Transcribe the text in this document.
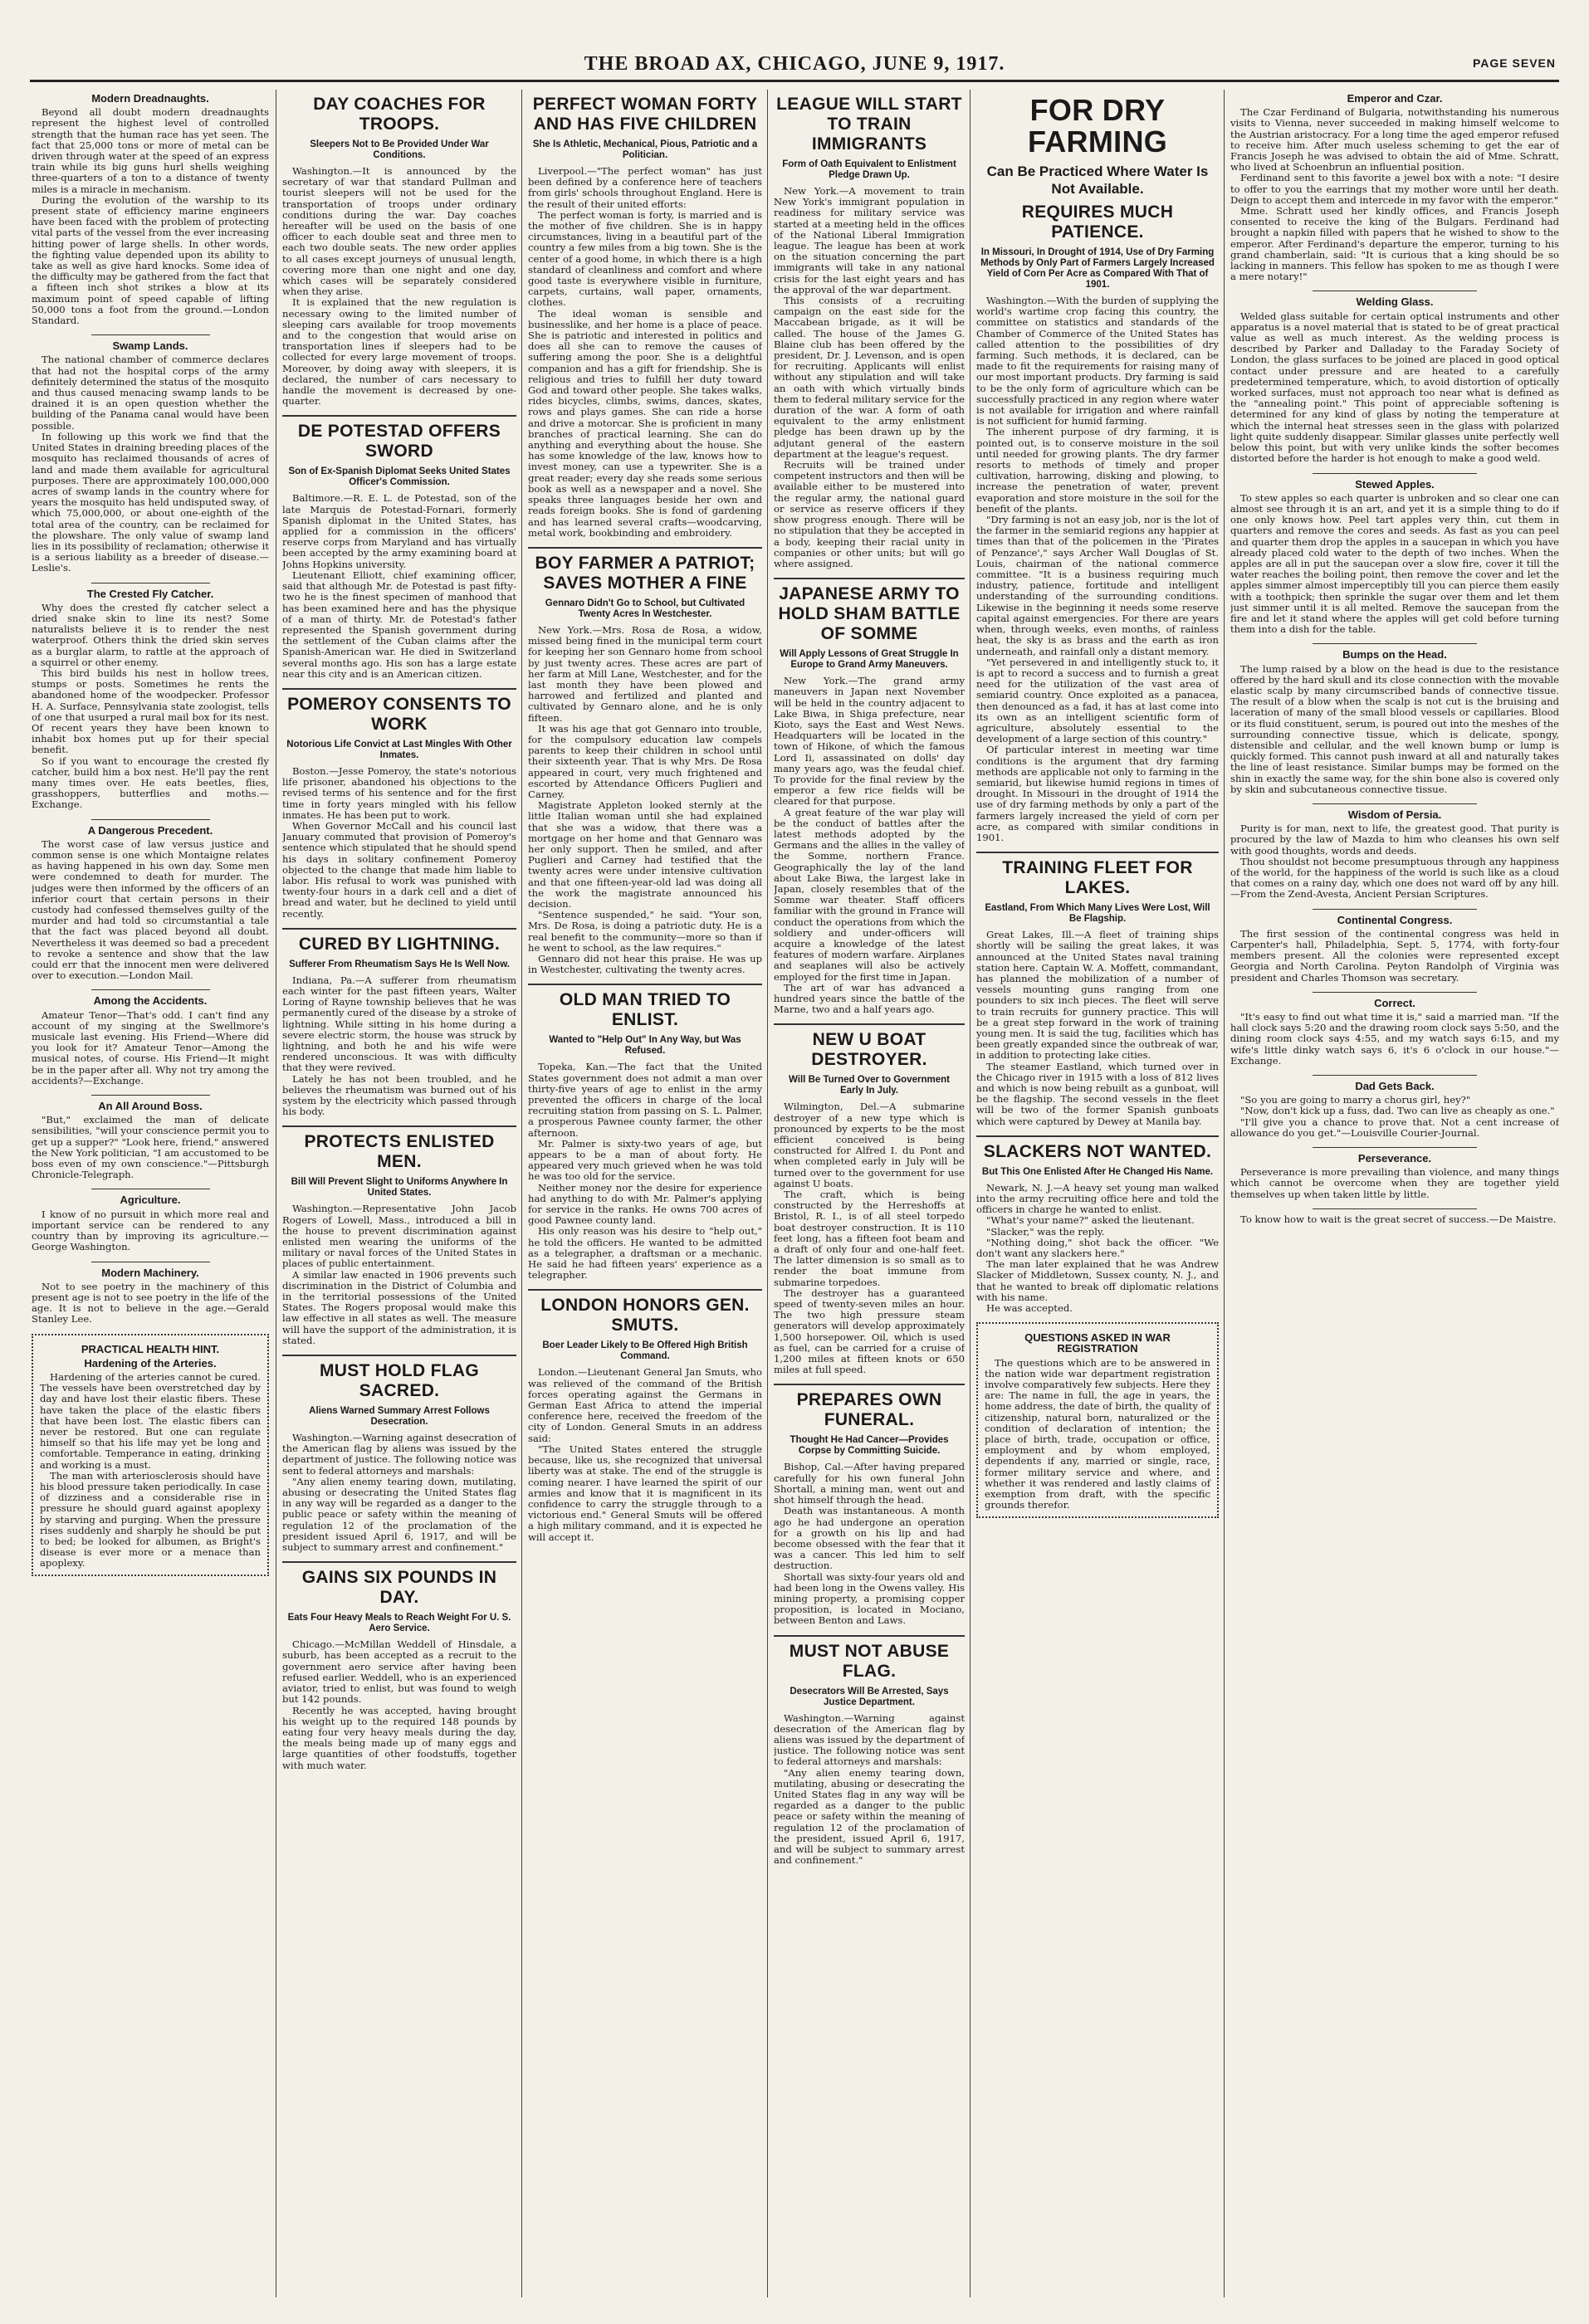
THE BROAD AX, CHICAGO, JUNE 9, 1917.	PAGE SEVEN
Modern Dreadnaughts.

Beyond all doubt modern dreadnaughts represent the highest level of controlled strength that the human race has yet seen. The fact that 25,000 tons or more of metal can be driven through water at the speed of an express train while its big guns hurl shells weighing three-quarters of a ton to a distance of twenty miles is a miracle in mechanism.

During the evolution of the warship to its present state of efficiency marine engineers have been faced with the problem of protecting vital parts of the vessel from the ever increasing hitting power of large shells. In other words, the fighting value depended upon its ability to take as well as give hard knocks. Some idea of the difficulty may be gathered from the fact that a fifteen inch shot strikes a blow at its maximum point of speed capable of lifting 50,000 tons a foot from the ground.—London Standard.

Swamp Lands.

The national chamber of commerce declares that had not the hospital corps of the army definitely determined the status of the mosquito and thus caused menacing swamp lands to be drained it is an open question whether the building of the Panama canal would have been possible.

In following up this work we find that the United States in draining breeding places of the mosquito has reclaimed thousands of acres of land and made them available for agricultural purposes. There are approximately 100,000,000 acres of swamp lands in the country where for years the mosquito has held undisputed sway, of which 75,000,000, or about one-eighth of the total area of the country, can be reclaimed for the plowshare. The only value of swamp land lies in its possibility of reclamation; otherwise it is a serious liability as a breeder of disease.—Leslie's.

The Crested Fly Catcher.

Why does the crested fly catcher select a dried snake skin to line its nest? Some naturalists believe it is to render the nest waterproof. Others think the dried skin serves as a burglar alarm, to rattle at the approach of a squirrel or other enemy.

This bird builds his nest in hollow trees, stumps or posts. Sometimes he rents the abandoned home of the woodpecker. Professor H. A. Surface, Pennsylvania state zoologist, tells of one that usurped a rural mail box for its nest. Of recent years they have been known to inhabit box homes put up for their special benefit.

So if you want to encourage the crested fly catcher, build him a box nest. He'll pay the rent many times over. He eats beetles, flies, grasshoppers, butterflies and moths.—Exchange.

A Dangerous Precedent.

The worst case of law versus justice and common sense is one which Montaigne relates as having happened in his own day. Some men were condemned to death for murder. The judges were then informed by the officers of an inferior court that certain persons in their custody had confessed themselves guilty of the murder and had told so circumstantial a tale that the fact was placed beyond all doubt. Nevertheless it was deemed so bad a precedent to revoke a sentence and show that the law could err that the innocent men were delivered over to execution.—London Mail.

Among the Accidents.

Amateur Tenor—That's odd. I can't find any account of my singing at the Swellmore's musicale last evening. His Friend—Where did you look for it? Amateur Tenor—Among the musical notes, of course. His Friend—It might be in the paper after all. Why not try among the accidents?—Exchange.

An All Around Boss.

"But," exclaimed the man of delicate sensibilities, "will your conscience permit you to get up a supper?" "Look here, friend," answered the New York politician, "I am accustomed to be boss even of my own conscience."—Pittsburgh Chronicle-Telegraph.

Agriculture.

I know of no pursuit in which more real and important service can be rendered to any country than by improving its agriculture.—George Washington.

Modern Machinery.

Not to see poetry in the machinery of this present age is not to see poetry in the life of the age. It is not to believe in the age.—Gerald Stanley Lee.

PRACTICAL HEALTH HINT.
Hardening of the Arteries.

Hardening of the arteries cannot be cured. The vessels have been overstretched day by day and have lost their elastic fibers. These have taken the place of the elastic fibers that have been lost. The elastic fibers can never be restored. But one can regulate himself so that his life may yet be long and comfortable. Temperance in eating, drinking and working is a must.

The man with arteriosclerosis should have his blood pressure taken periodically. In case of dizziness and a considerable rise in pressure he should guard against apoplexy by starving and purging. When the pressure rises suddenly and sharply he should be put to bed; be looked for albumen, as Bright's disease is ever more or a menace than apoplexy.

DAY COACHES FOR TROOPS.
Sleepers Not to Be Provided Under War Conditions.

Washington.—It is announced by the secretary of war that standard Pullman and tourist sleepers will not be used for the transportation of troops under ordinary conditions during the war. Day coaches hereafter will be used on the basis of one officer to each double seat and three men to each two double seats. The new order applies to all cases except journeys of unusual length, covering more than one night and one day, which cases will be separately considered when they arise.

It is explained that the new regulation is necessary owing to the limited number of sleeping cars available for troop movements and to the congestion that would arise on transportation lines if sleepers had to be collected for every large movement of troops. Moreover, by doing away with sleepers, it is declared, the number of cars necessary to handle the movement is decreased by one-quarter.

DE POTESTAD OFFERS SWORD
Son of Ex-Spanish Diplomat Seeks United States Officer's Commission.

Baltimore.—R. E. L. de Potestad, son of the late Marquis de Potestad-Fornari, formerly Spanish diplomat in the United States, has applied for a commission in the officers' reserve corps from Maryland and has virtually been accepted by the army examining board at Johns Hopkins university.

Lieutenant Elliott, chief examining officer, said that although Mr. de Potestad is past fifty-two he is the finest specimen of manhood that has been examined here and has the physique of a man of thirty. Mr. de Potestad's father represented the Spanish government during the settlement of the Cuban claims after the Spanish-American war. He died in Switzerland several months ago. His son has a large estate near this city and is an American citizen.

POMEROY CONSENTS TO WORK
Notorious Life Convict at Last Mingles With Other Inmates.

Boston.—Jesse Pomeroy, the state's notorious life prisoner, abandoned his objections to the revised terms of his sentence and for the first time in forty years mingled with his fellow inmates. He has been put to work.

When Governor McCall and his council last January commuted that provision of Pomeroy's sentence which stipulated that he should spend his days in solitary confinement Pomeroy objected to the change that made him liable to labor. His refusal to work was punished with twenty-four hours in a dark cell and a diet of bread and water, but he declined to yield until recently.

CURED BY LIGHTNING.
Sufferer From Rheumatism Says He Is Well Now.

Indiana, Pa.—A sufferer from rheumatism each winter for the past fifteen years, Walter Loring of Rayne township believes that he was permanently cured of the disease by a stroke of lightning. While sitting in his home during a severe electric storm, the house was struck by lightning, and both he and his wife were rendered unconscious. It was with difficulty that they were revived.

Lately he has not been troubled, and he believes the rheumatism was burned out of his system by the electricity which passed through his body.

PROTECTS ENLISTED MEN.
Bill Will Prevent Slight to Uniforms Anywhere In United States.

Washington.—Representative John Jacob Rogers of Lowell, Mass., introduced a bill in the house to prevent discrimination against enlisted men wearing the uniforms of the military or naval forces of the United States in places of public entertainment.

A similar law enacted in 1906 prevents such discrimination in the District of Columbia and in the territorial possessions of the United States. The Rogers proposal would make this law effective in all states as well. The measure will have the support of the administration, it is stated.

MUST HOLD FLAG SACRED.
Aliens Warned Summary Arrest Follows Desecration.

Washington.—Warning against desecration of the American flag by aliens was issued by the department of justice. The following notice was sent to federal attorneys and marshals:

"Any alien enemy tearing down, mutilating, abusing or desecrating the United States flag in any way will be regarded as a danger to the public peace or safety within the meaning of regulation 12 of the proclamation of the president issued April 6, 1917, and will be subject to summary arrest and confinement."

GAINS SIX POUNDS IN DAY.
Eats Four Heavy Meals to Reach Weight For U. S. Aero Service.

Chicago.—McMillan Weddell of Hinsdale, a suburb, has been accepted as a recruit to the government aero service after having been refused earlier. Weddell, who is an experienced aviator, tried to enlist, but was found to weigh but 142 pounds.

Recently he was accepted, having brought his weight up to the required 148 pounds by eating four very heavy meals during the day, the meals being made up of many eggs and large quantities of other foodstuffs, together with much water.

PERFECT WOMAN FORTY AND HAS FIVE CHILDREN
She Is Athletic, Mechanical, Pious, Patriotic and a Politician.

Liverpool.—"The perfect woman" has just been defined by a conference here of teachers from girls' schools throughout England. Here is the result of their united efforts:

The perfect woman is forty, is married and is the mother of five children. She is in happy circumstances, living in a beautiful part of the country a few miles from a big town. She is the center of a good home, in which there is a high standard of cleanliness and comfort and where good taste is everywhere visible in furniture, carpets, curtains, wall paper, ornaments, clothes.

The ideal woman is sensible and businesslike, and her home is a place of peace. She is patriotic and interested in politics and does all she can to remove the causes of suffering among the poor. She is a delightful companion and has a gift for friendship. She is religious and tries to fulfill her duty toward God and toward other people. She takes walks, rides bicycles, climbs, swims, dances, skates, rows and plays games. She can ride a horse and drive a motorcar. She is proficient in many branches of practical learning. She can do anything and everything about the house. She has some knowledge of the law, knows how to invest money, can use a typewriter. She is a great reader; every day she reads some serious book as well as a newspaper and a novel. She speaks three languages beside her own and reads foreign books. She is fond of gardening and has learned several crafts—woodcarving, metal work, bookbinding and embroidery.

BOY FARMER A PATRIOT; SAVES MOTHER A FINE
Gennaro Didn't Go to School, but Cultivated Twenty Acres In Westchester.

New York.—Mrs. Rosa de Rosa, a widow, missed being fined in the municipal term court for keeping her son Gennaro home from school by just twenty acres. These acres are part of her farm at Mill Lane, Westchester, and for the last month they have been plowed and harrowed and fertilized and planted and cultivated by Gennaro alone, and he is only fifteen.

It was his age that got Gennaro into trouble, for the compulsory education law compels parents to keep their children in school until their sixteenth year. That is why Mrs. De Rosa appeared in court, very much frightened and escorted by Attendance Officers Puglieri and Carney.

Magistrate Appleton looked sternly at the little Italian woman until she had explained that she was a widow, that there was a mortgage on her home and that Gennaro was her only support. Then he smiled, and after Puglieri and Carney had testified that the twenty acres were under intensive cultivation and that one fifteen-year-old lad was doing all the work the magistrate announced his decision.

"Sentence suspended," he said. "Your son, Mrs. De Rosa, is doing a patriotic duty. He is a real benefit to the community—more so than if he went to school, as the law requires."

Gennaro did not hear this praise. He was up in Westchester, cultivating the twenty acres.

OLD MAN TRIED TO ENLIST.
Wanted to "Help Out" In Any Way, but Was Refused.

Topeka, Kan.—The fact that the United States government does not admit a man over thirty-five years of age to enlist in the army prevented the officers in charge of the local recruiting station from passing on S. L. Palmer, a prosperous Pawnee county farmer, the other afternoon.

Mr. Palmer is sixty-two years of age, but appears to be a man of about forty. He appeared very much grieved when he was told he was too old for the service.

Neither money nor the desire for experience had anything to do with Mr. Palmer's applying for service in the ranks. He owns 700 acres of good Pawnee county land.

His only reason was his desire to "help out," he told the officers. He wanted to be admitted as a telegrapher, a draftsman or a mechanic. He said he had fifteen years' experience as a telegrapher.

LONDON HONORS GEN. SMUTS.
Boer Leader Likely to Be Offered High British Command.

London.—Lieutenant General Jan Smuts, who was relieved of the command of the British forces operating against the Germans in German East Africa to attend the imperial conference here, received the freedom of the city of London. General Smuts in an address said:

"The United States entered the struggle because, like us, she recognized that universal liberty was at stake. The end of the struggle is coming nearer. I have learned the spirit of our armies and know that it is magnificent in its confidence to carry the struggle through to a victorious end." General Smuts will be offered a high military command, and it is expected he will accept it.

LEAGUE WILL START TO TRAIN IMMIGRANTS
Form of Oath Equivalent to Enlistment Pledge Drawn Up.

New York.—A movement to train New York's immigrant population in readiness for military service was started at a meeting held in the offices of the National Liberal Immigration league. The league has been at work on the situation concerning the part immigrants will take in any national crisis for the last eight years and has the approval of the war department.

This consists of a recruiting campaign on the east side for the Maccabean brigade, as it will be called. The house of the James G. Blaine club has been offered by the president, Dr. J. Levenson, and is open for recruiting. Applicants will enlist without any stipulation and will take an oath with which virtually binds them to federal military service for the duration of the war. A form of oath equivalent to the army enlistment pledge has been drawn up by the adjutant general of the eastern department at the league's request.

Recruits will be trained under competent instructors and then will be available either to be mustered into the regular army, the national guard or service as reserve officers if they show progress enough. There will be no stipulation that they be accepted in a body, keeping their racial unity in companies or other units; but will go where assigned.

JAPANESE ARMY TO HOLD SHAM BATTLE OF SOMME
Will Apply Lessons of Great Struggle In Europe to Grand Army Maneuvers.

New York.—The grand army maneuvers in Japan next November will be held in the country adjacent to Lake Biwa, in Shiga prefecture, near Kioto, says the East and West News. Headquarters will be located in the town of Hikone, of which the famous Lord Ii, assassinated on dolls' day many years ago, was the feudal chief. To provide for the final review by the emperor a few rice fields will be cleared for that purpose.

A great feature of the war play will be the conduct of battles after the latest methods adopted by the Germans and the allies in the valley of the Somme, northern France. Geographically the lay of the land about Lake Biwa, the largest lake in Japan, closely resembles that of the Somme war theater. Staff officers familiar with the ground in France will conduct the operations from which the soldiery and under-officers will acquire a knowledge of the latest features of modern warfare. Airplanes and seaplanes will also be actively employed for the first time in Japan.

The art of war has advanced a hundred years since the battle of the Marne, two and a half years ago.

NEW U BOAT DESTROYER.
Will Be Turned Over to Government Early In July.

Wilmington, Del.—A submarine destroyer of a new type which is pronounced by experts to be the most efficient conceived is being constructed for Alfred I. du Pont and when completed early in July will be turned over to the government for use against U boats.

The craft, which is being constructed by the Herreshoffs at Bristol, R. I., is of all steel torpedo boat destroyer construction. It is 110 feet long, has a fifteen foot beam and a draft of only four and one-half feet. The latter dimension is so small as to render the boat immune from submarine torpedoes.

The destroyer has a guaranteed speed of twenty-seven miles an hour. The two high pressure steam generators will develop approximately 1,500 horsepower. Oil, which is used as fuel, can be carried for a cruise of 1,200 miles at fifteen knots or 650 miles at full speed.

PREPARES OWN FUNERAL.
Thought He Had Cancer—Provides Corpse by Committing Suicide.

Bishop, Cal.—After having prepared carefully for his own funeral John Shortall, a mining man, went out and shot himself through the head.

Death was instantaneous. A month ago he had undergone an operation for a growth on his lip and had become obsessed with the fear that it was a cancer. This led him to self destruction.

Shortall was sixty-four years old and had been long in the Owens valley. His mining property, a promising copper proposition, is located in Mociano, between Benton and Laws.

MUST NOT ABUSE FLAG.
Desecrators Will Be Arrested, Says Justice Department.

Washington.—Warning against desecration of the American flag by aliens was issued by the department of justice. The following notice was sent to federal attorneys and marshals:

"Any alien enemy tearing down, mutilating, abusing or desecrating the United States flag in any way will be regarded as a danger to the public peace or safety within the meaning of regulation 12 of the proclamation of the president, issued April 6, 1917, and will be subject to summary arrest and confinement."

FOR DRY FARMING
Can Be Practiced Where Water Is Not Available.
REQUIRES MUCH PATIENCE.
In Missouri, In Drought of 1914, Use of Dry Farming Methods by Only Part of Farmers Largely Increased Yield of Corn Per Acre as Compared With That of 1901.

Washington.—With the burden of supplying the world's wartime crop facing this country, the committee on statistics and standards of the Chamber of Commerce of the United States has called attention to the possibilities of dry farming. Such methods, it is declared, can be made to fit the requirements for raising many of our most important products. Dry farming is said to be the only form of agriculture which can be successfully practiced in any region where water is not available for irrigation and where rainfall is not sufficient for humid farming.

The inherent purpose of dry farming, it is pointed out, is to conserve moisture in the soil until needed for growing plants. The dry farmer resorts to methods of timely and proper cultivation, harrowing, disking and plowing, to increase the penetration of water, prevent evaporation and store moisture in the soil for the benefit of the plants.

"Dry farming is not an easy job, nor is the lot of the farmer in the semiarid regions any happier at times than that of the policemen in the 'Pirates of Penzance'," says Archer Wall Douglas of St. Louis, chairman of the national commerce committee. "It is a business requiring much industry, patience, fortitude and intelligent understanding of the surrounding conditions. Likewise in the beginning it needs some reserve capital against emergencies. For there are years when, through weeks, even months, of rainless heat, the sky is as brass and the earth as iron underneath, and rainfall only a distant memory.

"Yet persevered in and intelligently stuck to, it is apt to record a success and to furnish a great need for the utilization of the vast area of semiarid country. Once exploited as a panacea, then denounced as a fad, it has at last come into its own as an intelligent scientific form of agriculture, absolutely essential to the development of a large section of this country."

Of particular interest in meeting war time conditions is the argument that dry farming methods are applicable not only to farming in the semiarid, but likewise humid regions in times of drought. In Missouri in the drought of 1914 the use of dry farming methods by only a part of the farmers largely increased the yield of corn per acre, as compared with similar conditions in 1901.

TRAINING FLEET FOR LAKES.
Eastland, From Which Many Lives Were Lost, Will Be Flagship.

Great Lakes, Ill.—A fleet of training ships shortly will be sailing the great lakes, it was announced at the United States naval training station here. Captain W. A. Moffett, commandant, has planned the mobilization of a number of vessels mounting guns ranging from one pounders to six inch pieces. The fleet will serve to train recruits for gunnery practice. This will be a great step forward in the work of training young men. It is said the tug, facilities which has been greatly expanded since the outbreak of war, in addition to protecting lake cities.

The steamer Eastland, which turned over in the Chicago river in 1915 with a loss of 812 lives and which is now being rebuilt as a gunboat, will be the flagship. The second vessels in the fleet will be two of the former Spanish gunboats which were captured by Dewey at Manila bay.

SLACKERS NOT WANTED.
But This One Enlisted After He Changed His Name.

Newark, N. J.—A heavy set young man walked into the army recruiting office here and told the officers in charge he wanted to enlist.

"What's your name?" asked the lieutenant.

"Slacker," was the reply.

"Nothing doing," shot back the officer. "We don't want any slackers here."

The man later explained that he was Andrew Slacker of Middletown, Sussex county, N. J., and that he wanted to break off diplomatic relations with his name.

He was accepted.

QUESTIONS ASKED IN WAR REGISTRATION

The questions which are to be answered in the nation wide war department registration involve comparatively few subjects. Here they are: The name in full, the age in years, the home address, the date of birth, the quality of citizenship, natural born, naturalized or the condition of declaration of intention; the place of birth, trade, occupation or office, employment and by whom employed, dependents if any, married or single, race, former military service and where, and whether it was rendered and lastly claims of exemption from draft, with the specific grounds therefor.

Emperor and Czar.

The Czar Ferdinand of Bulgaria, notwithstanding his numerous visits to Vienna, never succeeded in making himself welcome to the Austrian aristocracy. For a long time the aged emperor refused to receive him. After much useless scheming to get the ear of Francis Joseph he was advised to obtain the aid of Mme. Schratt, who lived at Schoenbrun an influential position.

Ferdinand sent to this favorite a jewel box with a note: "I desire to offer to you the earrings that my mother wore until her death. Deign to accept them and intercede in my favor with the emperor."

Mme. Schratt used her kindly offices, and Francis Joseph consented to receive the king of the Bulgars. Ferdinand had brought a napkin filled with papers that he wished to show to the emperor. After Ferdinand's departure the emperor, turning to his grand chamberlain, said: "It is curious that a king should be so lacking in manners. This fellow has spoken to me as though I were a mere notary!"

Welding Glass.

Welded glass suitable for certain optical instruments and other apparatus is a novel material that is stated to be of great practical value as well as much interest. As the welding process is described by Parker and Dalladay to the Faraday Society of London, the glass surfaces to be joined are placed in good optical contact under pressure and are heated to a carefully predetermined temperature, which, to avoid distortion of optically worked surfaces, must not approach too near what is defined as the "annealing point." This point of appreciable softening is determined for any kind of glass by noting the temperature at which the internal heat stresses seen in the glass with polarized light quite suddenly disappear. Similar glasses unite perfectly well below this point, but with very unlike kinds the softer becomes distorted before the harder is hot enough to make a good weld.

Stewed Apples.

To stew apples so each quarter is unbroken and so clear one can almost see through it is an art, and yet it is a simple thing to do if one only knows how. Peel tart apples very thin, cut them in quarters and remove the cores and seeds. As fast as you can peel and quarter them drop the apples in a saucepan in which you have already placed cold water to the depth of two inches. When the apples are all in put the saucepan over a slow fire, cover it till the water reaches the boiling point, then remove the cover and let the apples simmer almost imperceptibly till you can pierce them easily with a toothpick; then sprinkle the sugar over them and let them just simmer until it is all melted. Remove the saucepan from the fire and let it stand where the apples will get cold before turning them into a dish for the table.

Bumps on the Head.

The lump raised by a blow on the head is due to the resistance offered by the hard skull and its close connection with the movable elastic scalp by many circumscribed bands of connective tissue. The result of a blow when the scalp is not cut is the bruising and laceration of many of the small blood vessels or capillaries. Blood or its fluid constituent, serum, is poured out into the meshes of the surrounding connective tissue, which is delicate, spongy, distensible and cellular, and the well known bump or lump is quickly formed. This cannot push inward at all and naturally takes the line of least resistance. Similar bumps may be formed on the shin in exactly the same way, for the shin bone also is covered only by skin and subcutaneous connective tissue.

Wisdom of Persia.

Purity is for man, next to life, the greatest good. That purity is procured by the law of Mazda to him who cleanses his own self with good thoughts, words and deeds.

Thou shouldst not become presumptuous through any happiness of the world, for the happiness of the world is such like as a cloud that comes on a rainy day, which one does not ward off by any hill.—From the Zend-Avesta, Ancient Persian Scriptures.

Continental Congress.

The first session of the continental congress was held in Carpenter's hall, Philadelphia, Sept. 5, 1774, with forty-four members present. All the colonies were represented except Georgia and North Carolina. Peyton Randolph of Virginia was president and Charles Thomson was secretary.

Correct.

"It's easy to find out what time it is," said a married man. "If the hall clock says 5:20 and the drawing room clock says 5:50, and the dining room clock says 4:55, and my watch says 6:15, and my wife's little dinky watch says 6, it's 6 o'clock in our house."—Exchange.

Dad Gets Back.

"So you are going to marry a chorus girl, hey?"

"Now, don't kick up a fuss, dad. Two can live as cheaply as one."

"I'll give you a chance to prove that. Not a cent increase of allowance do you get."—Louisville Courier-Journal.

Perseverance.

Perseverance is more prevailing than violence, and many things which cannot be overcome when they are together yield themselves up when taken little by little.

To know how to wait is the great secret of success.—De Maistre.
